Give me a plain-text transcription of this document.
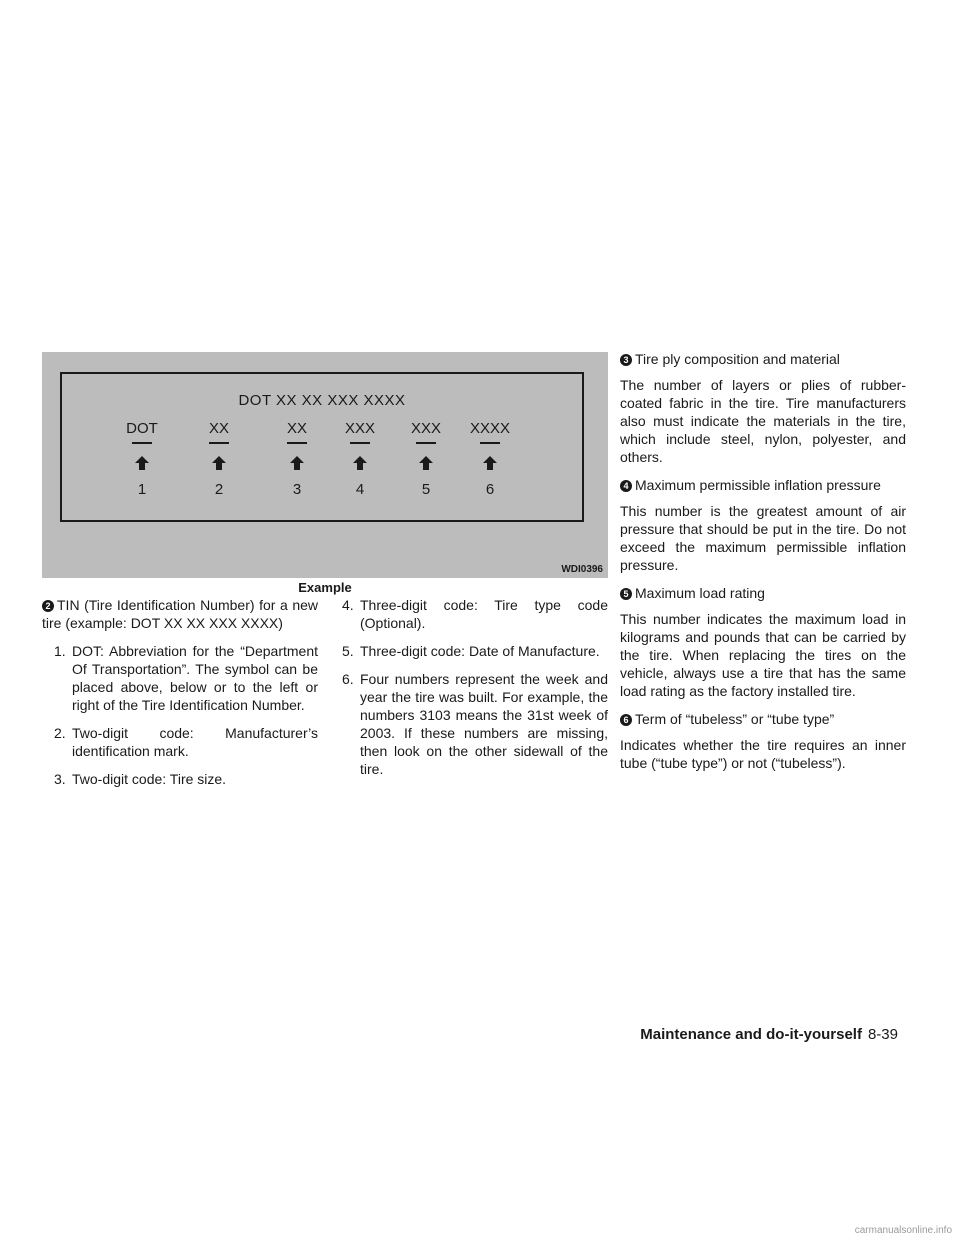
DOT XX XX XXX XXXX
DOT
1
XX
2
XX
3
XXX
4
XXX
5
XXXX
6
WDI0396
Example

2 TIN (Tire Identification Number) for a new tire (example: DOT XX XX XXX XXXX)

1. DOT: Abbreviation for the “Department Of Transportation”. The symbol can be placed above, below or to the left or right of the Tire Identification Number.
2. Two-digit code: Manufacturer’s identification mark.
3. Two-digit code: Tire size.
4. Three-digit code: Tire type code (Optional).
5. Three-digit code: Date of Manufacture.
6. Four numbers represent the week and year the tire was built. For example, the numbers 3103 means the 31st week of 2003. If these numbers are missing, then look on the other sidewall of the tire.

3 Tire ply composition and material

The number of layers or plies of rubber-coated fabric in the tire. Tire manufacturers also must indicate the materials in the tire, which include steel, nylon, polyester, and others.

4 Maximum permissible inflation pressure

This number is the greatest amount of air pressure that should be put in the tire. Do not exceed the maximum permissible inflation pressure.

5 Maximum load rating

This number indicates the maximum load in kilograms and pounds that can be carried by the tire. When replacing the tires on the vehicle, always use a tire that has the same load rating as the factory installed tire.

6 Term of “tubeless” or “tube type”

Indicates whether the tire requires an inner tube (“tube type”) or not (“tubeless”).

Maintenance and do-it-yourself 8-39
carmanualsonline.info
